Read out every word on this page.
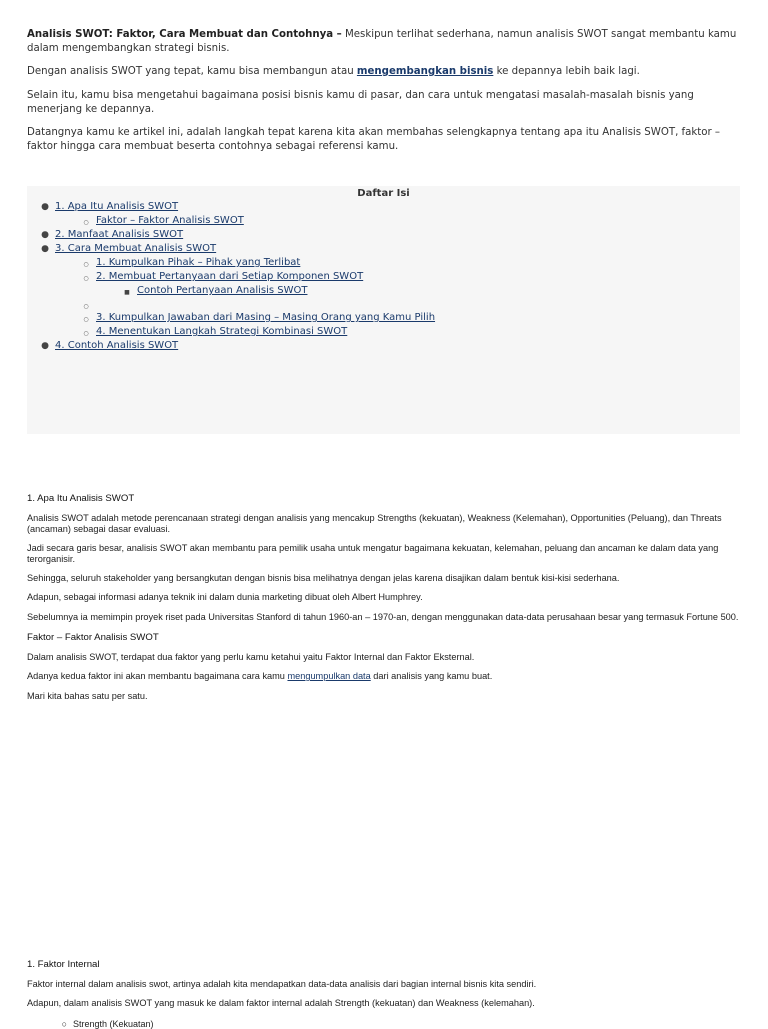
Analisis SWOT: Faktor, Cara Membuat dan Contohnya – Meskipun terlihat sederhana, namun analisis SWOT sangat membantu kamu dalam mengembangkan strategi bisnis.

Dengan analisis SWOT yang tepat, kamu bisa membangun atau mengembangkan bisnis ke depannya lebih baik lagi.

Selain itu, kamu bisa mengetahui bagaimana posisi bisnis kamu di pasar, dan cara untuk mengatasi masalah-masalah bisnis yang menerjang ke depannya.

Datangnya kamu ke artikel ini, adalah langkah tepat karena kita akan membahas selengkapnya tentang apa itu Analisis SWOT, faktor – faktor hingga cara membuat beserta contohnya sebagai referensi kamu.

Daftar Isi
● 1. Apa Itu Analisis SWOT
○ Faktor – Faktor Analisis SWOT
● 2. Manfaat Analisis SWOT
● 3. Cara Membuat Analisis SWOT
○ 1. Kumpulkan Pihak – Pihak yang Terlibat
○ 2. Membuat Pertanyaan dari Setiap Komponen SWOT
■ Contoh Pertanyaan Analisis SWOT
○
○ 3. Kumpulkan Jawaban dari Masing – Masing Orang yang Kamu Pilih
○ 4. Menentukan Langkah Strategi Kombinasi SWOT
● 4. Contoh Analisis SWOT
1. Apa Itu Analisis SWOT
Analisis SWOT adalah metode perencanaan strategi dengan analisis yang mencakup Strengths (kekuatan), Weakness (Kelemahan), Opportunities (Peluang), dan Threats (ancaman) sebagai dasar evaluasi.
Jadi secara garis besar, analisis SWOT akan membantu para pemilik usaha untuk mengatur bagaimana kekuatan, kelemahan, peluang dan ancaman ke dalam data yang terorganisir.
Sehingga, seluruh stakeholder yang bersangkutan dengan bisnis bisa melihatnya dengan jelas karena disajikan dalam bentuk kisi-kisi sederhana.
Adapun, sebagai informasi adanya teknik ini dalam dunia marketing dibuat oleh Albert Humphrey.
Sebelumnya ia memimpin proyek riset pada Universitas Stanford di tahun 1960-an – 1970-an, dengan menggunakan data-data perusahaan besar yang termasuk Fortune 500.
Faktor – Faktor Analisis SWOT
Dalam analisis SWOT, terdapat dua faktor yang perlu kamu ketahui yaitu Faktor Internal dan Faktor Eksternal.
Adanya kedua faktor ini akan membantu bagaimana cara kamu mengumpulkan data dari analisis yang kamu buat.
Mari kita bahas satu per satu.
1. Faktor Internal
Faktor internal dalam analisis swot, artinya adalah kita mendapatkan data-data analisis dari bagian internal bisnis kita sendiri.
Adapun, dalam analisis SWOT yang masuk ke dalam faktor internal adalah Strength (kekuatan) dan Weakness (kelemahan).
○ Strength (Kekuatan)
